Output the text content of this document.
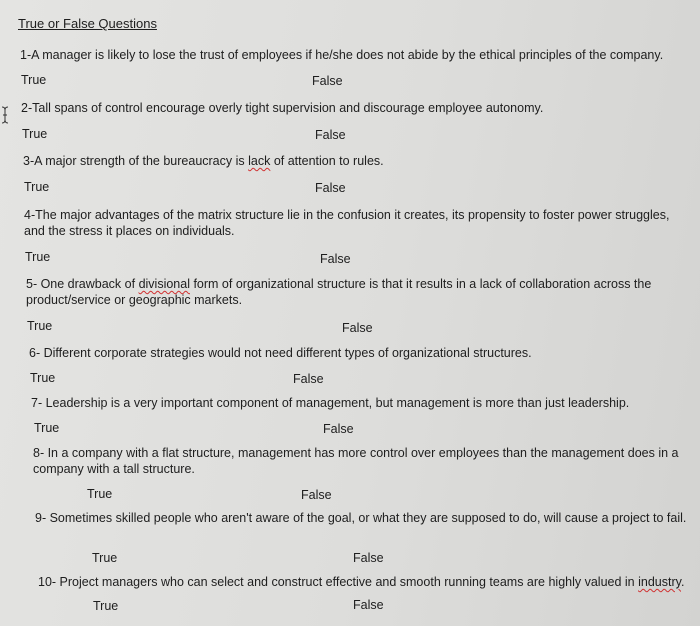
True or False Questions
1-A manager is likely to lose the trust of employees if he/she does not abide by the ethical principles of the company.
True	False
2-Tall spans of control encourage overly tight supervision and discourage employee autonomy.
True	False
3-A major strength of the bureaucracy is lack of attention to rules.
True	False
4-The major advantages of the matrix structure lie in the confusion it creates, its propensity to foster power struggles, and the stress it places on individuals.
True	False
5- One drawback of divisional form of organizational structure is that it results in a lack of collaboration across the product/service or geographic markets.
True	False
6- Different corporate strategies would not need different types of organizational structures.
True	False
7- Leadership is a very important component of management, but management is more than just leadership.
True	False
8- In a company with a flat structure, management has more control over employees than the management does in a company with a tall structure.
True	False
9- Sometimes skilled people who aren't aware of the goal, or what they are supposed to do, will cause a project to fail.
True	False
10- Project managers who can select and construct effective and smooth running teams are highly valued in industry.
True	False
